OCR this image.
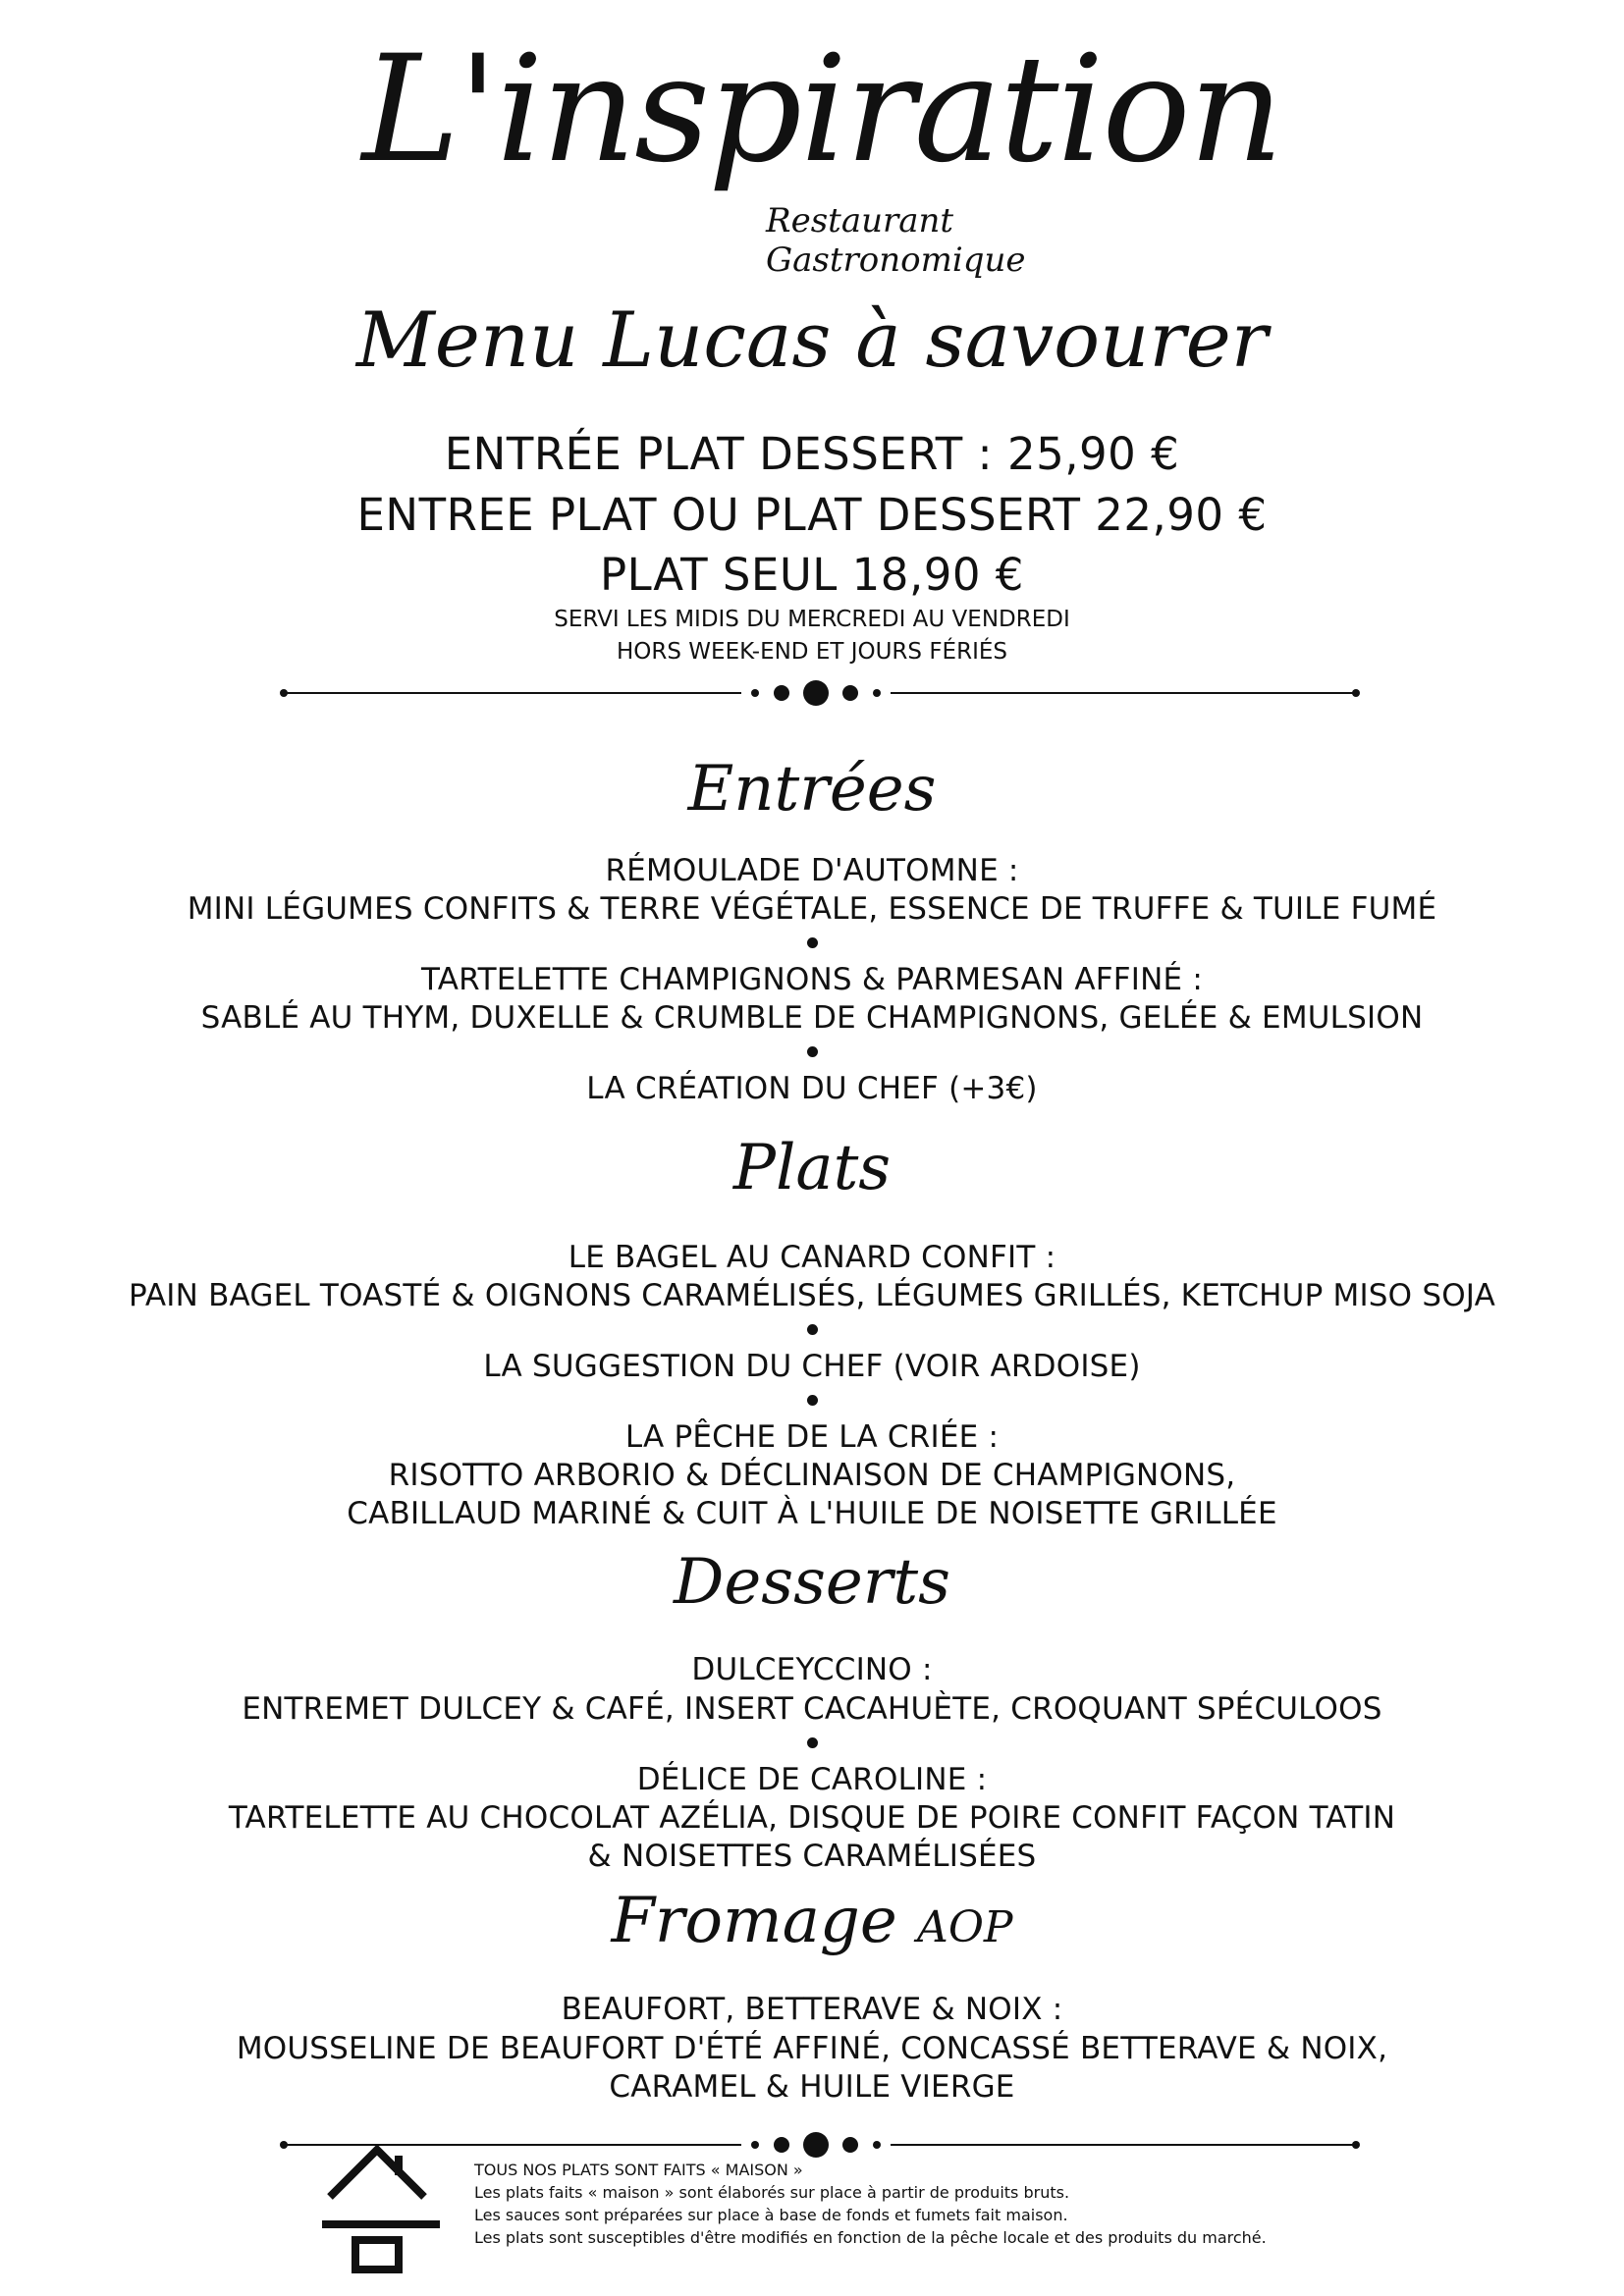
L'inspiration
Restaurant Gastronomique
Menu Lucas à savourer
ENTRÉE PLAT DESSERT : 25,90 €
ENTREE PLAT OU PLAT DESSERT 22,90 €
PLAT SEUL 18,90 €
SERVI LES MIDIS DU MERCREDI AU VENDREDI
HORS WEEK-END ET JOURS FÉRIÉS
Entrées
RÉMOULADE D'AUTOMNE :
MINI LÉGUMES CONFITS & TERRE VÉGÉTALE, ESSENCE DE TRUFFE & TUILE FUMÉ
TARTELETTE CHAMPIGNONS & PARMESAN AFFINÉ :
SABLÉ AU THYM, DUXELLE & CRUMBLE DE CHAMPIGNONS, GELÉE & EMULSION
LA CRÉATION DU CHEF (+3€)
Plats
LE BAGEL AU CANARD CONFIT :
PAIN BAGEL TOASTÉ & OIGNONS CARAMÉLISÉS, LÉGUMES GRILLÉS, KETCHUP MISO SOJA
LA SUGGESTION DU CHEF (VOIR ARDOISE)
LA PÊCHE DE LA CRIÉE :
RISOTTO ARBORIO & DÉCLINAISON DE CHAMPIGNONS,
CABILLAUD MARINÉ & CUIT À L'HUILE DE NOISETTE GRILLÉE
Desserts
DULCEYCCINO :
ENTREMET DULCEY & CAFÉ, INSERT CACAHUÈTE, CROQUANT SPÉCULOOS
DÉLICE DE CAROLINE :
TARTELETTE AU CHOCOLAT AZÉLIA, DISQUE DE POIRE CONFIT FAÇON TATIN
& NOISETTES CARAMÉLISÉES
Fromage AOP
BEAUFORT, BETTERAVE & NOIX :
MOUSSELINE DE BEAUFORT D'ÉTÉ AFFINÉ, CONCASSÉ BETTERAVE & NOIX,
CARAMEL & HUILE VIERGE
TOUS NOS PLATS SONT FAITS « MAISON »
Les plats faits « maison » sont élaborés sur place à partir de produits bruts.
Les sauces sont préparées sur place à base de fonds et fumets fait maison.
Les plats sont susceptibles d'être modifiés en fonction de la pêche locale et des produits du marché.
